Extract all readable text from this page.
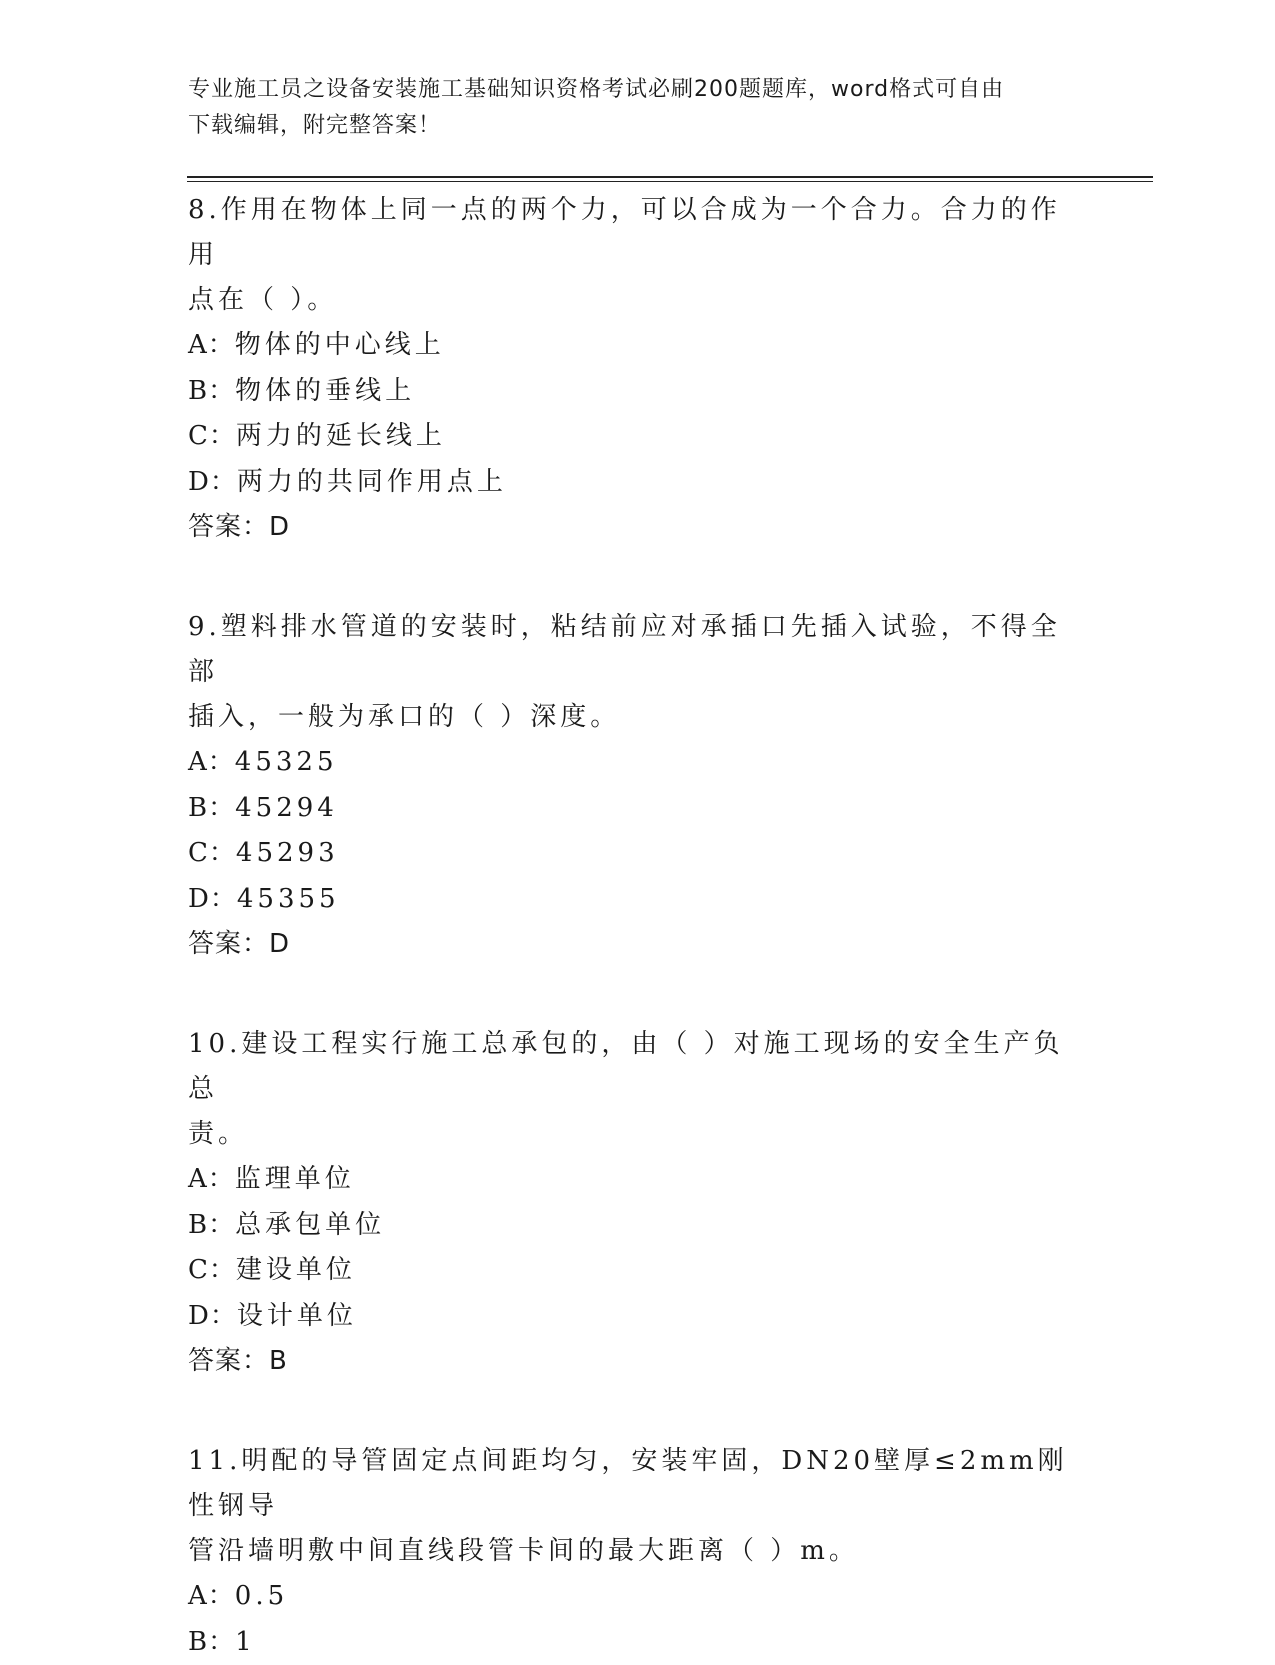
专业施工员之设备安装施工基础知识资格考试必刷200题题库，word格式可自由
下载编辑，附完整答案！

8.作用在物体上同一点的两个力，可以合成为一个合力。合力的作用

点在（ ）。

A：物体的中心线上

B：物体的垂线上

C：两力的延长线上

D：两力的共同作用点上

答案：D

9.塑料排水管道的安装时，粘结前应对承插口先插入试验，不得全部

插入，一般为承口的（ ）深度。

A：45325

B：45294

C：45293

D：45355

答案：D

10.建设工程实行施工总承包的，由（ ）对施工现场的安全生产负总

责。

A：监理单位

B：总承包单位

C：建设单位

D：设计单位

答案：B

11.明配的导管固定点间距均匀，安装牢固，DN20壁厚≤2mm刚性钢导

管沿墙明敷中间直线段管卡间的最大距离（ ）m。

A：0.5

B：1
